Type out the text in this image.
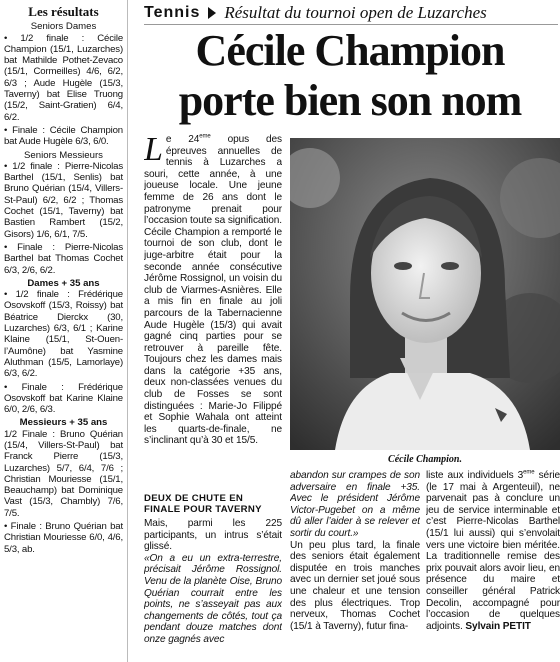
Les résultats

Seniors Dames

• 1/2 finale : Cécile Champion (15/1, Luzarches) bat Mathilde Pothet-Zevaco (15/1, Cormeilles) 4/6, 6/2, 6/3 ; Aude Hugèle (15/3, Taverny) bat Elise Truong (15/2, Saint-Gratien) 6/4, 6/2.

• Finale : Cécile Champion bat Aude Hugèle 6/3, 6/0.

Seniors Messieurs

• 1/2 finale : Pierre-Nicolas Barthel (15/1, Senlis) bat Bruno Quérian (15/4, Villers-St-Paul) 6/2, 6/2 ; Thomas Cochet (15/1, Taverny) bat Bastien Rambert (15/2, Gisors) 1/6, 6/1, 7/5.

• Finale : Pierre-Nicolas Barthel bat Thomas Cochet 6/3, 2/6, 6/2.

Dames + 35 ans

• 1/2 finale : Frédérique Osovskoff (15/3, Roissy) bat Béatrice Dierckx (30, Luzarches) 6/3, 6/1 ; Karine Klaine (15/1, St-Ouen-l’Aumône) bat Yasmine Aluthman (15/5, Lamorlaye) 6/3, 6/2.

• Finale : Frédérique Osovskoff bat Karine Klaine 6/0, 2/6, 6/3.

Messieurs + 35 ans

1/2 Finale : Bruno Quérian (15/4, Villers-St-Paul) bat Franck Pierre (15/3, Luzarches) 5/7, 6/4, 7/6 ; Christian Mouriesse (15/1, Beauchamp) bat Dominique Vast (15/3, Chambly) 7/6, 7/5.

• Finale : Bruno Quérian bat Christian Mouriesse 6/0, 4/6, 5/3, ab.

Tennis Résultat du tournoi open de Luzarches
Cécile Champion
porte bien son nom

Le 24ème opus des épreuves annuelles de tennis à Luzarches a souri, cette année, à une joueuse locale. Une jeune femme de 26 ans dont le patronyme prenait pour l’occasion toute sa signification.

Cécile Champion a remporté le tournoi de son club, dont le juge-arbitre était pour la seconde année consécutive Jérôme Rossignol, un voisin du club de Viarmes-Asnières. Elle a mis fin en finale au joli parcours de la Tabernacienne Aude Hugèle (15/3) qui avait gagné cinq parties pour se retrouver à pareille fête. Toujours chez les dames mais dans la catégorie +35 ans, deux non-classées venues du club de Fosses se sont distinguées : Marie-Jo Filippé et Sophie Wahala ont atteint les quarts-de-finale, ne s’inclinant qu’à 30 et 15/5.

DEUX DE CHUTE EN FINALE POUR TAVERNY

Mais, parmi les 225 participants, un intrus s’était glissé.
«On a eu un extra-terrestre, précisait Jérôme Rossignol. Venu de la planète Oise, Bruno Quérian courrait entre les points, ne s’asseyait pas aux changements de côtés, tout ça pendant douze matches dont onze gagnés avec

Cécile Champion.

abandon sur crampes de son adversaire en finale +35. Avec le président Jérôme Victor-Pugebet on a même dû aller l’aider à se relever et sortir du court.»

Un peu plus tard, la finale des seniors était également disputée en trois manches avec un dernier set joué sous une chaleur et une tension des plus électriques. Trop nerveux, Thomas Cochet (15/1 à Taverny), futur fina-

liste aux individuels 3ème série (le 17 mai à Argenteuil), ne parvenait pas à conclure un jeu de service interminable et c’est Pierre-Nicolas Barthel (15/1 lui aussi) qui s’envolait vers une victoire bien méritée. La traditionnelle remise des prix pouvait alors avoir lieu, en présence du maire et conseiller général Patrick Decolin, accompagné pour l’occasion de quelques adjoints. Sylvain PETIT
